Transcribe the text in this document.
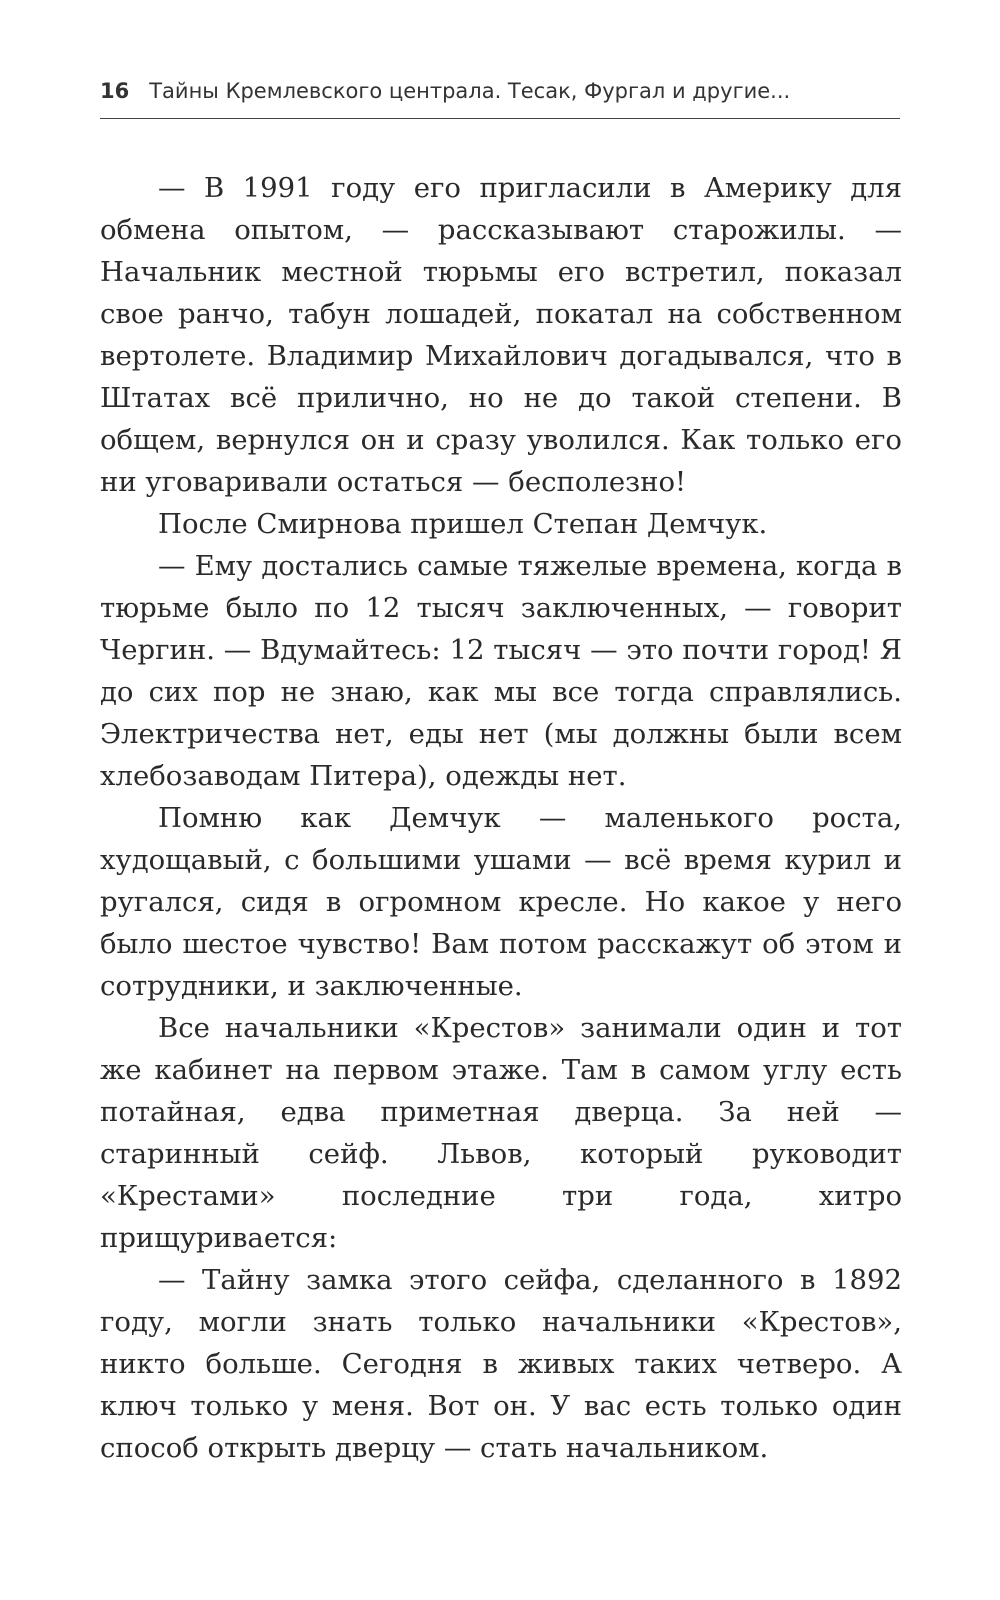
16 Тайны Кремлевского централа. Тесак, Фургал и другие...

— В 1991 году его пригласили в Америку для обмена опытом, — рассказывают старожилы. — Начальник местной тюрьмы его встретил, показал свое ранчо, табун лошадей, покатал на собственном вертолете. Владимир Михайлович догадывался, что в Штатах всё прилично, но не до такой степени. В общем, вернулся он и сразу уволился. Как только его ни уговаривали остаться — бесполезно!

После Смирнова пришел Степан Демчук.

— Ему достались самые тяжелые времена, когда в тюрьме было по 12 тысяч заключенных, — говорит Чергин. — Вдумайтесь: 12 тысяч — это почти город! Я до сих пор не знаю, как мы все тогда справлялись. Электричества нет, еды нет (мы должны были всем хлебозаводам Питера), одежды нет.

Помню как Демчук — маленького роста, худощавый, с большими ушами — всё время курил и ругался, сидя в огромном кресле. Но какое у него было шестое чувство! Вам потом расскажут об этом и сотрудники, и заключенные.

Все начальники «Крестов» занимали один и тот же кабинет на первом этаже. Там в самом углу есть потайная, едва приметная дверца. За ней — старинный сейф. Львов, который руководит «Крестами» последние три года, хитро прищуривается:

— Тайну замка этого сейфа, сделанного в 1892 году, могли знать только начальники «Крестов», никто больше. Сегодня в живых таких четверо. А ключ только у меня. Вот он. У вас есть только один способ открыть дверцу — стать начальником.
